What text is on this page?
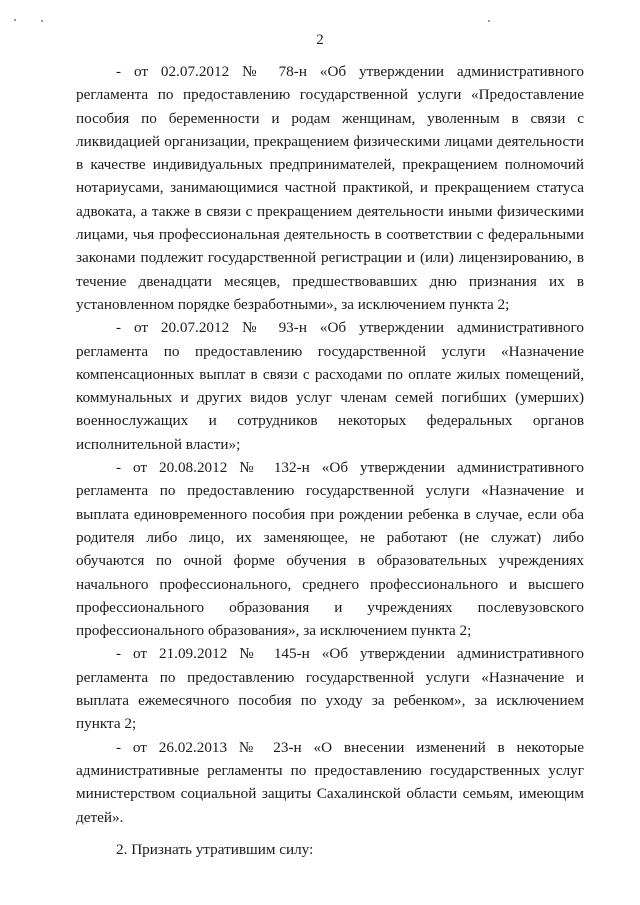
2

- от 02.07.2012 № 78-н «Об утверждении административного регламента по предоставлению государственной услуги «Предоставление пособия по беременности и родам женщинам, уволенным в связи с ликвидацией организации, прекращением физическими лицами деятельности в качестве индивидуальных предпринимателей, прекращением полномочий нотариусами, занимающимися частной практикой, и прекращением статуса адвоката, а также в связи с прекращением деятельности иными физическими лицами, чья профессиональная деятельность в соответствии с федеральными законами подлежит государственной регистрации и (или) лицензированию, в течение двенадцати месяцев, предшествовавших дню признания их в установленном порядке безработными», за исключением пункта 2;

- от 20.07.2012 № 93-н «Об утверждении административного регламента по предоставлению государственной услуги «Назначение компенсационных выплат в связи с расходами по оплате жилых помещений, коммунальных и других видов услуг членам семей погибших (умерших) военнослужащих и сотрудников некоторых федеральных органов исполнительной власти»;

- от 20.08.2012 № 132-н «Об утверждении административного регламента по предоставлению государственной услуги «Назначение и выплата единовременного пособия при рождении ребенка в случае, если оба родителя либо лицо, их заменяющее, не работают (не служат) либо обучаются по очной форме обучения в образовательных учреждениях начального профессионального, среднего профессионального и высшего профессионального образования и учреждениях послевузовского профессионального образования», за исключением пункта 2;

- от 21.09.2012 № 145-н «Об утверждении административного регламента по предоставлению государственной услуги «Назначение и выплата ежемесячного пособия по уходу за ребенком», за исключением пункта 2;

- от 26.02.2013 № 23-н «О внесении изменений в некоторые административные регламенты по предоставлению государственных услуг министерством социальной защиты Сахалинской области семьям, имеющим детей».

2. Признать утратившим силу:
